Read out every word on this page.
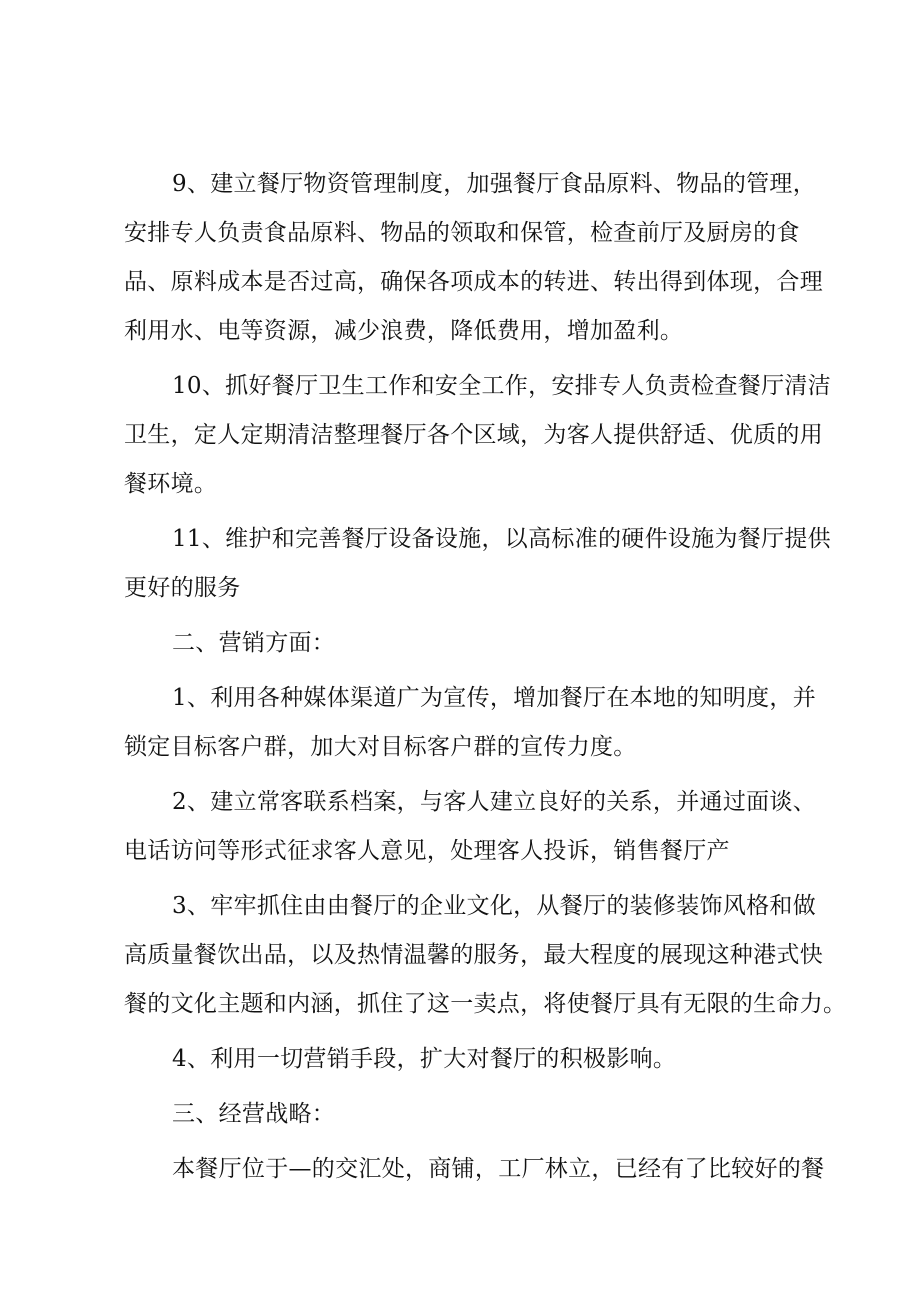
9、建立餐厅物资管理制度，加强餐厅食品原料、物品的管理，
安排专人负责食品原料、物品的领取和保管，检查前厅及厨房的食
品、原料成本是否过高，确保各项成本的转进、转出得到体现，合理
利用水、电等资源，减少浪费，降低费用，增加盈利。

10、抓好餐厅卫生工作和安全工作，安排专人负责检查餐厅清洁
卫生，定人定期清洁整理餐厅各个区域，为客人提供舒适、优质的用
餐环境。

11、维护和完善餐厅设备设施，以高标准的硬件设施为餐厅提供
更好的服务

二、营销方面：

1、利用各种媒体渠道广为宣传，增加餐厅在本地的知明度，并
锁定目标客户群，加大对目标客户群的宣传力度。

2、建立常客联系档案，与客人建立良好的关系，并通过面谈、
电话访问等形式征求客人意见，处理客人投诉，销售餐厅产

3、牢牢抓住由由餐厅的企业文化，从餐厅的装修装饰风格和做
高质量餐饮出品，以及热情温馨的服务，最大程度的展现这种港式快
餐的文化主题和内涵，抓住了这一卖点，将使餐厅具有无限的生命力。

4、利用一切营销手段，扩大对餐厅的积极影响。

三、经营战略：

本餐厅位于—的交汇处，商铺，工厂林立，已经有了比较好的餐
